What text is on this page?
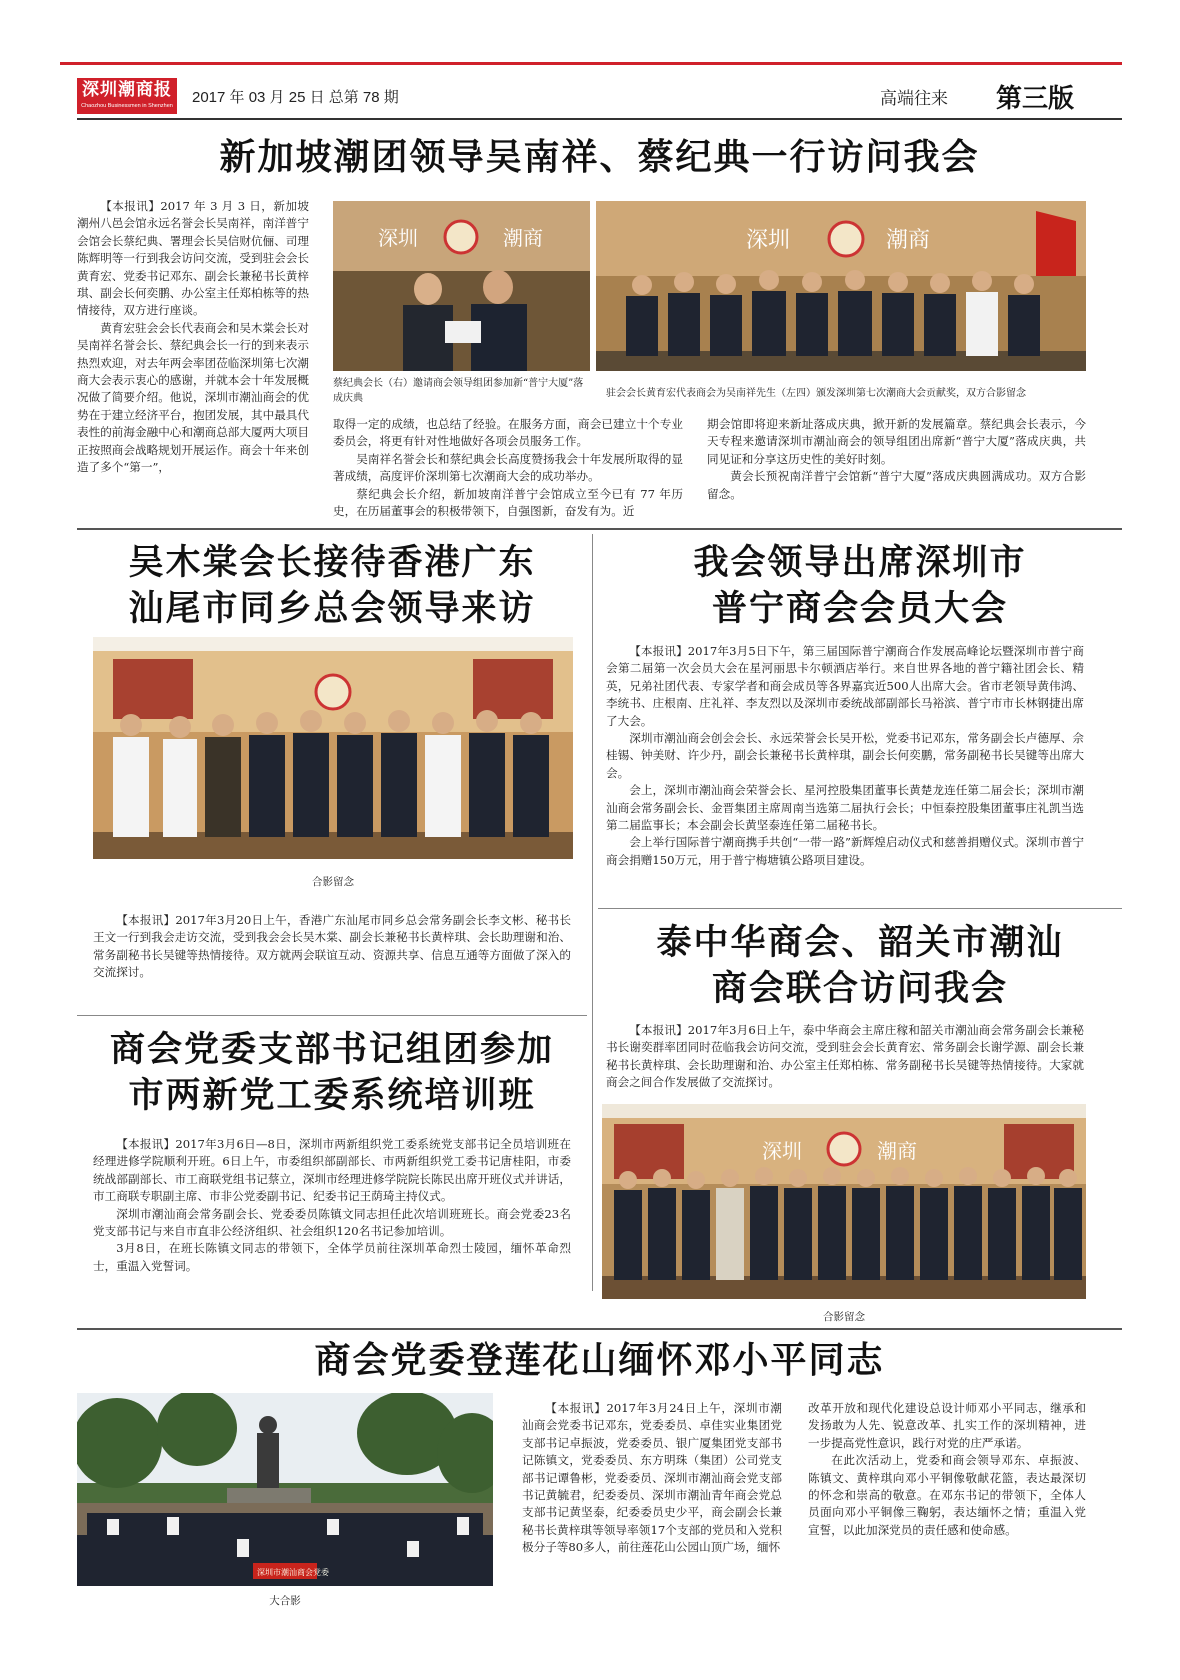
深圳潮商报
Chaozhou Businessmen in Shenzhen 2017 年 03 月 25 日 总第 78 期	高端往来 第三版
新加坡潮团领导吴南祥、蔡纪典一行访问我会

【本报讯】2017 年 3 月 3 日，新加坡潮州八邑会馆永远名誉会长吴南祥，南洋普宁会馆会长蔡纪典、署理会长吴信财伉俪、司理陈辉明等一行到我会访问交流，受到驻会会长黄育宏、党委书记邓东、副会长兼秘书长黄梓琪、副会长何奕鹏、办公室主任郑柏栋等的热情接待，双方进行座谈。

黄育宏驻会会长代表商会和吴木棠会长对吴南祥名誉会长、蔡纪典会长一行的到来表示热烈欢迎，对去年两会率团莅临深圳第七次潮商大会表示衷心的感谢，并就本会十年发展概况做了简要介绍。他说，深圳市潮汕商会的优势在于建立经济平台，抱团发展，其中最具代表性的前海金融中心和潮商总部大厦两大项目正按照商会战略规划开展运作。商会十年来创造了多个“第一”，

深圳	潮商	深圳	潮商
蔡纪典会长（右）邀请商会领导组团参加新“普宁大厦”落成庆典	驻会会长黄育宏代表商会为吴南祥先生（左四）颁发深圳第七次潮商大会贡献奖，双方合影留念

取得一定的成绩，也总结了经验。在服务方面，商会已建立十个专业委员会，将更有针对性地做好各项会员服务工作。

吴南祥名誉会长和蔡纪典会长高度赞扬我会十年发展所取得的显著成绩，高度评价深圳第七次潮商大会的成功举办。

蔡纪典会长介绍，新加坡南洋普宁会馆成立至今已有 77 年历史，在历届董事会的积极带领下，自强图新，奋发有为。近

期会馆即将迎来新址落成庆典，掀开新的发展篇章。蔡纪典会长表示，今天专程来邀请深圳市潮汕商会的领导组团出席新“普宁大厦”落成庆典，共同见证和分享这历史性的美好时刻。

黄会长预祝南洋普宁会馆新“普宁大厦”落成庆典圆满成功。双方合影留念。

吴木棠会长接待香港广东
汕尾市同乡总会领导来访
合影留念

【本报讯】2017年3月20日上午，香港广东汕尾市同乡总会常务副会长李文彬、秘书长王文一行到我会走访交流，受到我会会长吴木棠、副会长兼秘书长黄梓琪、会长助理谢和治、常务副秘书长吴键等热情接待。双方就两会联谊互动、资源共享、信息互通等方面做了深入的交流探讨。

商会党委支部书记组团参加
市两新党工委系统培训班

【本报讯】2017年3月6日—8日，深圳市两新组织党工委系统党支部书记全员培训班在经理进修学院顺利开班。6日上午，市委组织部副部长、市两新组织党工委书记唐桂阳，市委统战部副部长、市工商联党组书记蔡立，深圳市经理进修学院院长陈民出席开班仪式并讲话，市工商联专职副主席、市非公党委副书记、纪委书记王荫琦主持仪式。

深圳市潮汕商会常务副会长、党委委员陈镇文同志担任此次培训班班长。商会党委23名党支部书记与来自市直非公经济组织、社会组织120名书记参加培训。

3月8日，在班长陈镇文同志的带领下，全体学员前往深圳革命烈士陵园，缅怀革命烈士，重温入党誓词。

我会领导出席深圳市
普宁商会会员大会

【本报讯】2017年3月5日下午，第三届国际普宁潮商合作发展高峰论坛暨深圳市普宁商会第二届第一次会员大会在星河丽思卡尔顿酒店举行。来自世界各地的普宁籍社团会长、精英，兄弟社团代表、专家学者和商会成员等各界嘉宾近500人出席大会。省市老领导黄伟鸿、李统书、庄根南、庄礼祥、李友烈以及深圳市委统战部副部长马裕滨、普宁市市长林钢捷出席了大会。

深圳市潮汕商会创会会长、永远荣誉会长吴开松，党委书记邓东，常务副会长卢德厚、佘桂锡、钟美财、许少丹，副会长兼秘书长黄梓琪，副会长何奕鹏，常务副秘书长吴键等出席大会。

会上，深圳市潮汕商会荣誉会长、星河控股集团董事长黄楚龙连任第二届会长；深圳市潮汕商会常务副会长、金晋集团主席周南当选第二届执行会长；中恒泰控股集团董事庄礼凯当选第二届监事长；本会副会长黄坚泰连任第二届秘书长。

会上举行国际普宁潮商携手共创“一带一路”新辉煌启动仪式和慈善捐赠仪式。深圳市普宁商会捐赠150万元，用于普宁梅塘镇公路项目建设。

泰中华商会、韶关市潮汕
商会联合访问我会

【本报讯】2017年3月6日上午，泰中华商会主席庄稼和韶关市潮汕商会常务副会长兼秘书长谢奕群率团同时莅临我会访问交流，受到驻会会长黄育宏、常务副会长谢学源、副会长兼秘书长黄梓琪、会长助理谢和治、办公室主任郑柏栋、常务副秘书长吴键等热情接待。大家就商会之间合作发展做了交流探讨。

深圳	潮商
合影留念
商会党委登莲花山缅怀邓小平同志
深圳市潮汕商会党委
大合影

【本报讯】2017年3月24日上午，深圳市潮汕商会党委书记邓东，党委委员、卓佳实业集团党支部书记卓振波，党委委员、银广厦集团党支部书记陈镇文，党委委员、东方明珠（集团）公司党支部书记谭鲁彬，党委委员、深圳市潮汕商会党支部书记黄毓君，纪委委员、深圳市潮汕青年商会党总支部书记黄坚泰，纪委委员史少平，商会副会长兼秘书长黄梓琪等领导率领17个支部的党员和入党积极分子等80多人，前往莲花山公园山顶广场，缅怀

改革开放和现代化建设总设计师邓小平同志，继承和发扬敢为人先、锐意改革、扎实工作的深圳精神，进一步提高党性意识，践行对党的庄严承诺。

在此次活动上，党委和商会领导邓东、卓振波、陈镇文、黄梓琪向邓小平铜像敬献花篮，表达最深切的怀念和崇高的敬意。在邓东书记的带领下，全体人员面向邓小平铜像三鞠躬，表达缅怀之情；重温入党宣誓，以此加深党员的责任感和使命感。
